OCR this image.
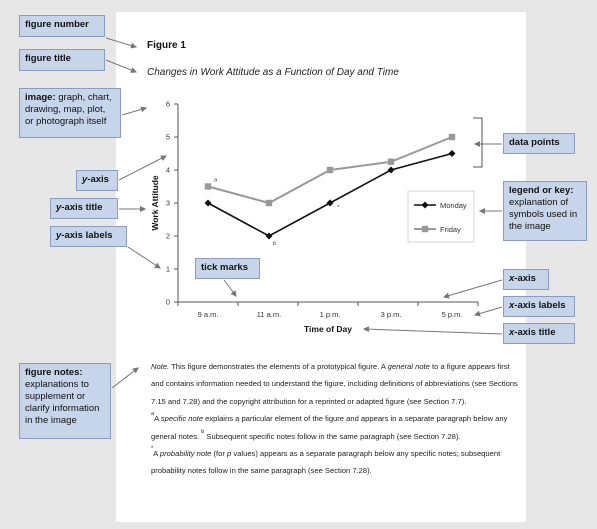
Figure 1
Changes in Work Attitude as a Function of Day and Time
0
1
2
3
4
5
6
9 a.m.	11 a.m.	1 p.m.	3 p.m.	5 p.m.
Time of Day
Work Attitude	a
b
*	Monday
Friday
figure number
figure title
image: graph, chart, drawing, map, plot, or photograph itself
y-axis
y-axis title
y-axis labels
tick marks
figure notes: explanations to supplement or clarify information in the image
data points
legend or key: explanation of symbols used in the image
x-axis
x-axis labels
x-axis title

Note. This figure demonstrates the elements of a prototypical figure. A general note to a figure appears first and contains information needed to understand the figure, including definitions of abbreviations (see Sections 7.15 and 7.28) and the copyright attribution for a reprinted or adapted figure (see Section 7.7).

$^a$A specific note explains a particular element of the figure and appears in a separate paragraph below any general notes. $^b$ Subsequent specific notes follow in the same paragraph (see Section 7.28).

*A probability note (for p values) appears as a separate paragraph below any specific notes; subsequent probability notes follow in the same paragraph (see Section 7.28).
